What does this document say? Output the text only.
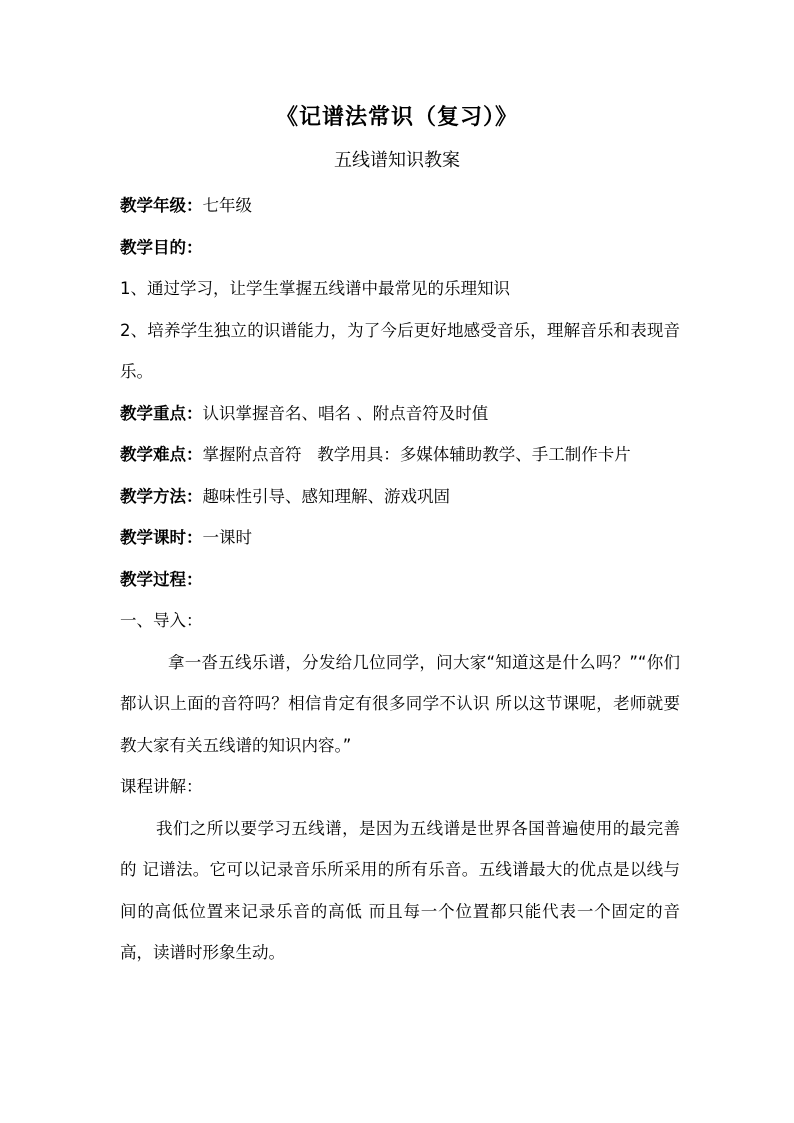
《记谱法常识（复习）》
五线谱知识教案
教学年级：七年级
教学目的：
1、通过学习，让学生掌握五线谱中最常见的乐理知识
2、培养学生独立的识谱能力，为了今后更好地感受音乐，理解音乐和表现音乐。
教学重点：认识掌握音名、唱名 、附点音符及时值
教学难点：掌握附点音符   教学用具：多媒体辅助教学、手工制作卡片
教学方法：趣味性引导、感知理解、游戏巩固
教学课时：一课时
教学过程：
一、导入：
拿一沓五线乐谱，分发给几位同学，问大家“知道这是什么吗？”“你们都认识上面的音符吗？相信肯定有很多同学不认识 所以这节课呢，老师就要教大家有关五线谱的知识内容。”
课程讲解：
我们之所以要学习五线谱，是因为五线谱是世界各国普遍使用的最完善的 记谱法。它可以记录音乐所采用的所有乐音。五线谱最大的优点是以线与间的高低位置来记录乐音的高低 而且每一个位置都只能代表一个固定的音高，读谱时形象生动。
